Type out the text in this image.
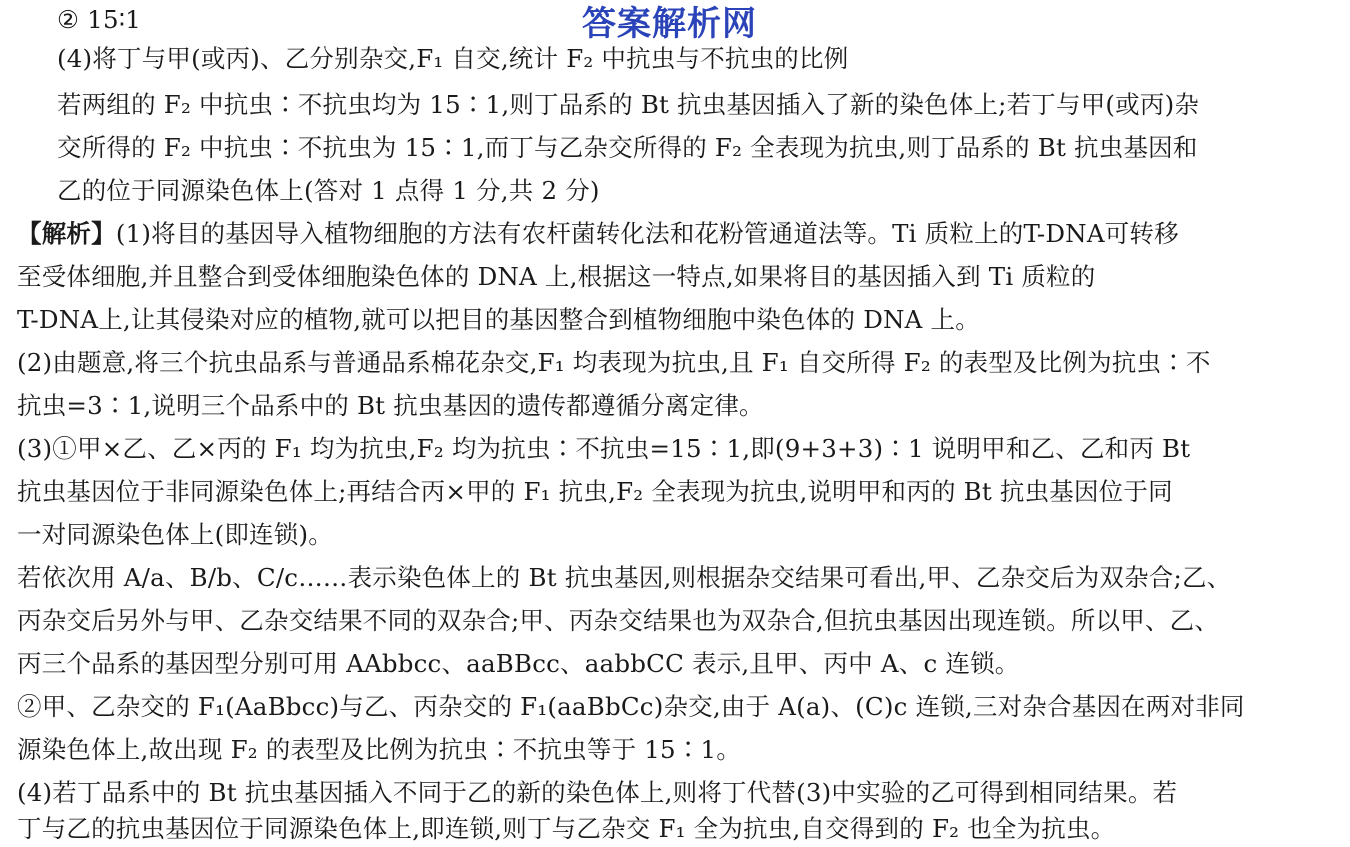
答案解析网
② 15∶1
(4)将丁与甲(或丙)、乙分别杂交,F₁ 自交,统计 F₂ 中抗虫与不抗虫的比例
若两组的 F₂ 中抗虫∶不抗虫均为 15∶1,则丁品系的 Bt 抗虫基因插入了新的染色体上;若丁与甲(或丙)杂
交所得的 F₂ 中抗虫∶不抗虫为 15∶1,而丁与乙杂交所得的 F₂ 全表现为抗虫,则丁品系的 Bt 抗虫基因和
乙的位于同源染色体上(答对 1 点得 1 分,共 2 分)
【解析】(1)将目的基因导入植物细胞的方法有农杆菌转化法和花粉管通道法等。Ti 质粒上的T-DNA可转移
至受体细胞,并且整合到受体细胞染色体的 DNA 上,根据这一特点,如果将目的基因插入到 Ti 质粒的
T-DNA上,让其侵染对应的植物,就可以把目的基因整合到植物细胞中染色体的 DNA 上。
(2)由题意,将三个抗虫品系与普通品系棉花杂交,F₁ 均表现为抗虫,且 F₁ 自交所得 F₂ 的表型及比例为抗虫∶不
抗虫=3∶1,说明三个品系中的 Bt 抗虫基因的遗传都遵循分离定律。
(3)①甲×乙、乙×丙的 F₁ 均为抗虫,F₂ 均为抗虫∶不抗虫=15∶1,即(9+3+3)∶1 说明甲和乙、乙和丙 Bt
抗虫基因位于非同源染色体上;再结合丙×甲的 F₁ 抗虫,F₂ 全表现为抗虫,说明甲和丙的 Bt 抗虫基因位于同
一对同源染色体上(即连锁)。
若依次用 A/a、B/b、C/c……表示染色体上的 Bt 抗虫基因,则根据杂交结果可看出,甲、乙杂交后为双杂合;乙、
丙杂交后另外与甲、乙杂交结果不同的双杂合;甲、丙杂交结果也为双杂合,但抗虫基因出现连锁。所以甲、乙、
丙三个品系的基因型分别可用 AAbbcc、aaBBcc、aabbCC 表示,且甲、丙中 A、c 连锁。
②甲、乙杂交的 F₁(AaBbcc)与乙、丙杂交的 F₁(aaBbCc)杂交,由于 A(a)、(C)c 连锁,三对杂合基因在两对非同
源染色体上,故出现 F₂ 的表型及比例为抗虫∶不抗虫等于 15∶1。
(4)若丁品系中的 Bt 抗虫基因插入不同于乙的新的染色体上,则将丁代替(3)中实验的乙可得到相同结果。若
丁与乙的抗虫基因位于同源染色体上,即连锁,则丁与乙杂交 F₁ 全为抗虫,自交得到的 F₂ 也全为抗虫。
